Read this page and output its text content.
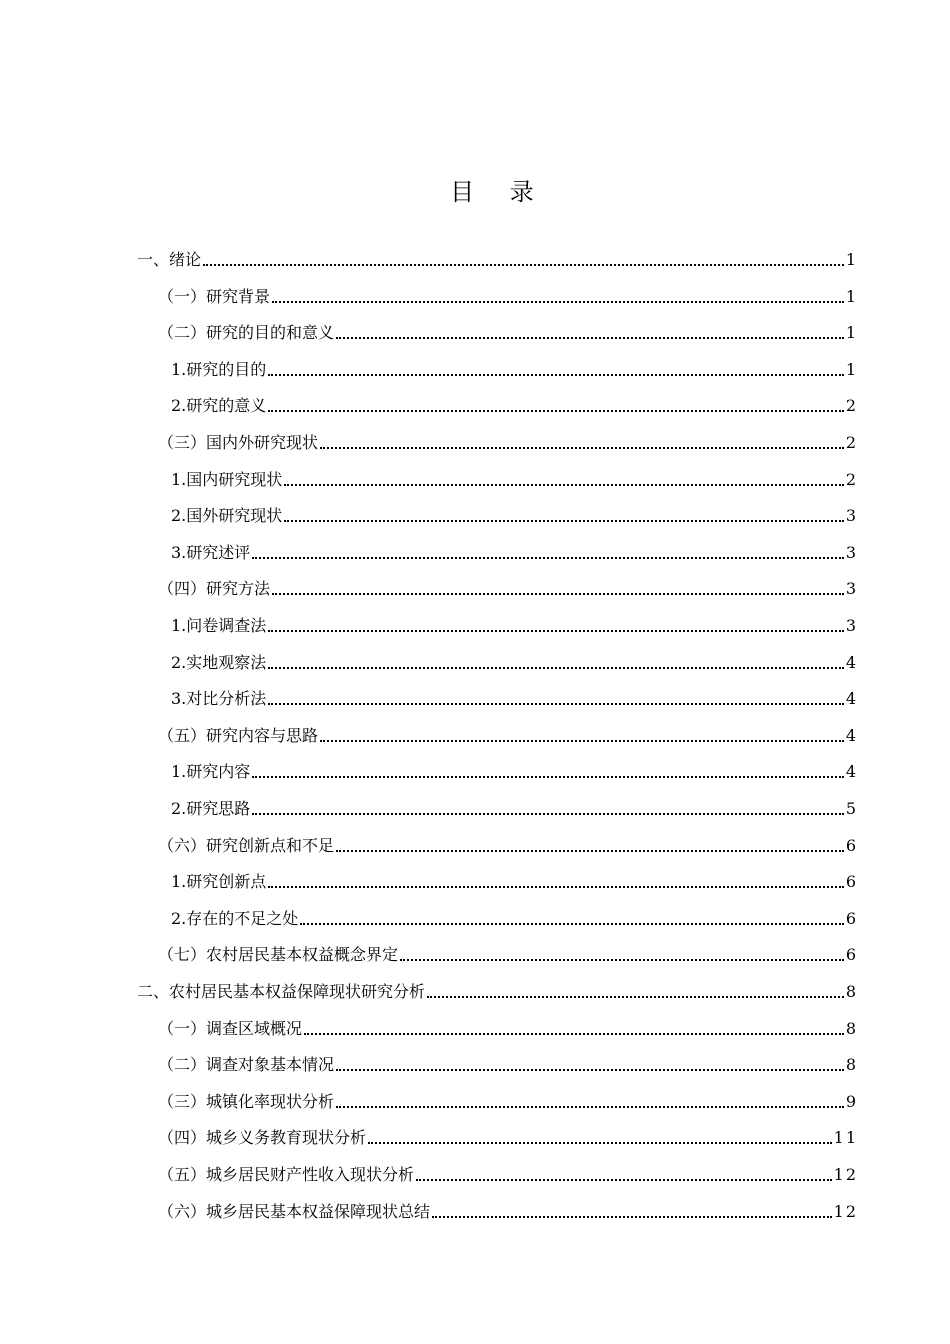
目 录
一、绪论	1
（一）研究背景	1
（二）研究的目的和意义	1
1.研究的目的	1
2.研究的意义	2
（三）国内外研究现状	2
1.国内研究现状	2
2.国外研究现状	3
3.研究述评	3
（四）研究方法	3
1.问卷调查法	3
2.实地观察法	4
3.对比分析法	4
（五）研究内容与思路	4
1.研究内容	4
2.研究思路	5
（六）研究创新点和不足	6
1.研究创新点	6
2.存在的不足之处	6
（七）农村居民基本权益概念界定	6
二、农村居民基本权益保障现状研究分析	8
（一）调查区域概况	8
（二）调查对象基本情况	8
（三）城镇化率现状分析	9
（四）城乡义务教育现状分析	11
（五）城乡居民财产性收入现状分析	12
（六）城乡居民基本权益保障现状总结	12
